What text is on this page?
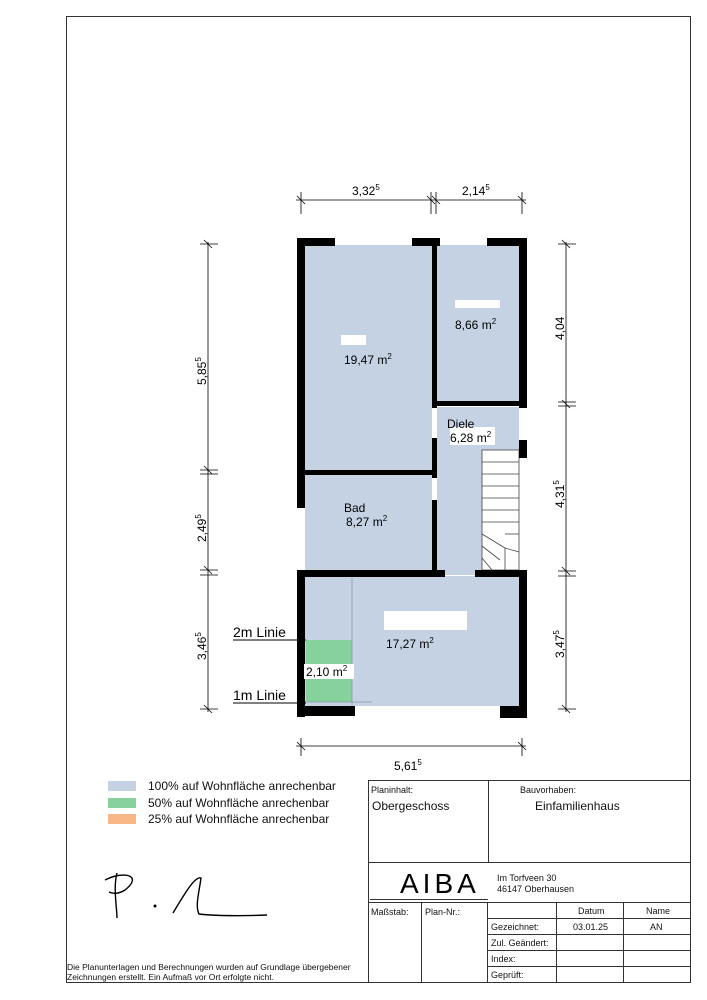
19,47 $m^2$
8,66 $m^2$
Diele
6,28 $m^2$
Bad
8,27 $m^2$
17,27 $m^2$
2,10 $m^2$
2m Linie
1m Linie
3,32$^5$	2,14$^5$
5,61$^5$
5,85$^5$
2,49$^5$
3,46$^5$
4,04
4,31$^5$
3,47$^5$
100% auf Wohnfläche anrechenbar
50% auf Wohnfläche anrechenbar
25% auf Wohnfläche anrechenbar
Planinhalt:
Obergeschoss
Bauvorhaben:
Einfamilienhaus
AIBA Im Torfveen 30
46147 Oberhausen
Maßstab: Plan-Nr.:	Datum	Name
Gezeichnet:	03.01.25	AN
Zul. Geändert:
Index:
Geprüft:
Die Planunterlagen und Berechnungen wurden auf Grundlage übergebener Zeichnungen erstellt. Ein Aufmaß vor Ort erfolgte nicht.
